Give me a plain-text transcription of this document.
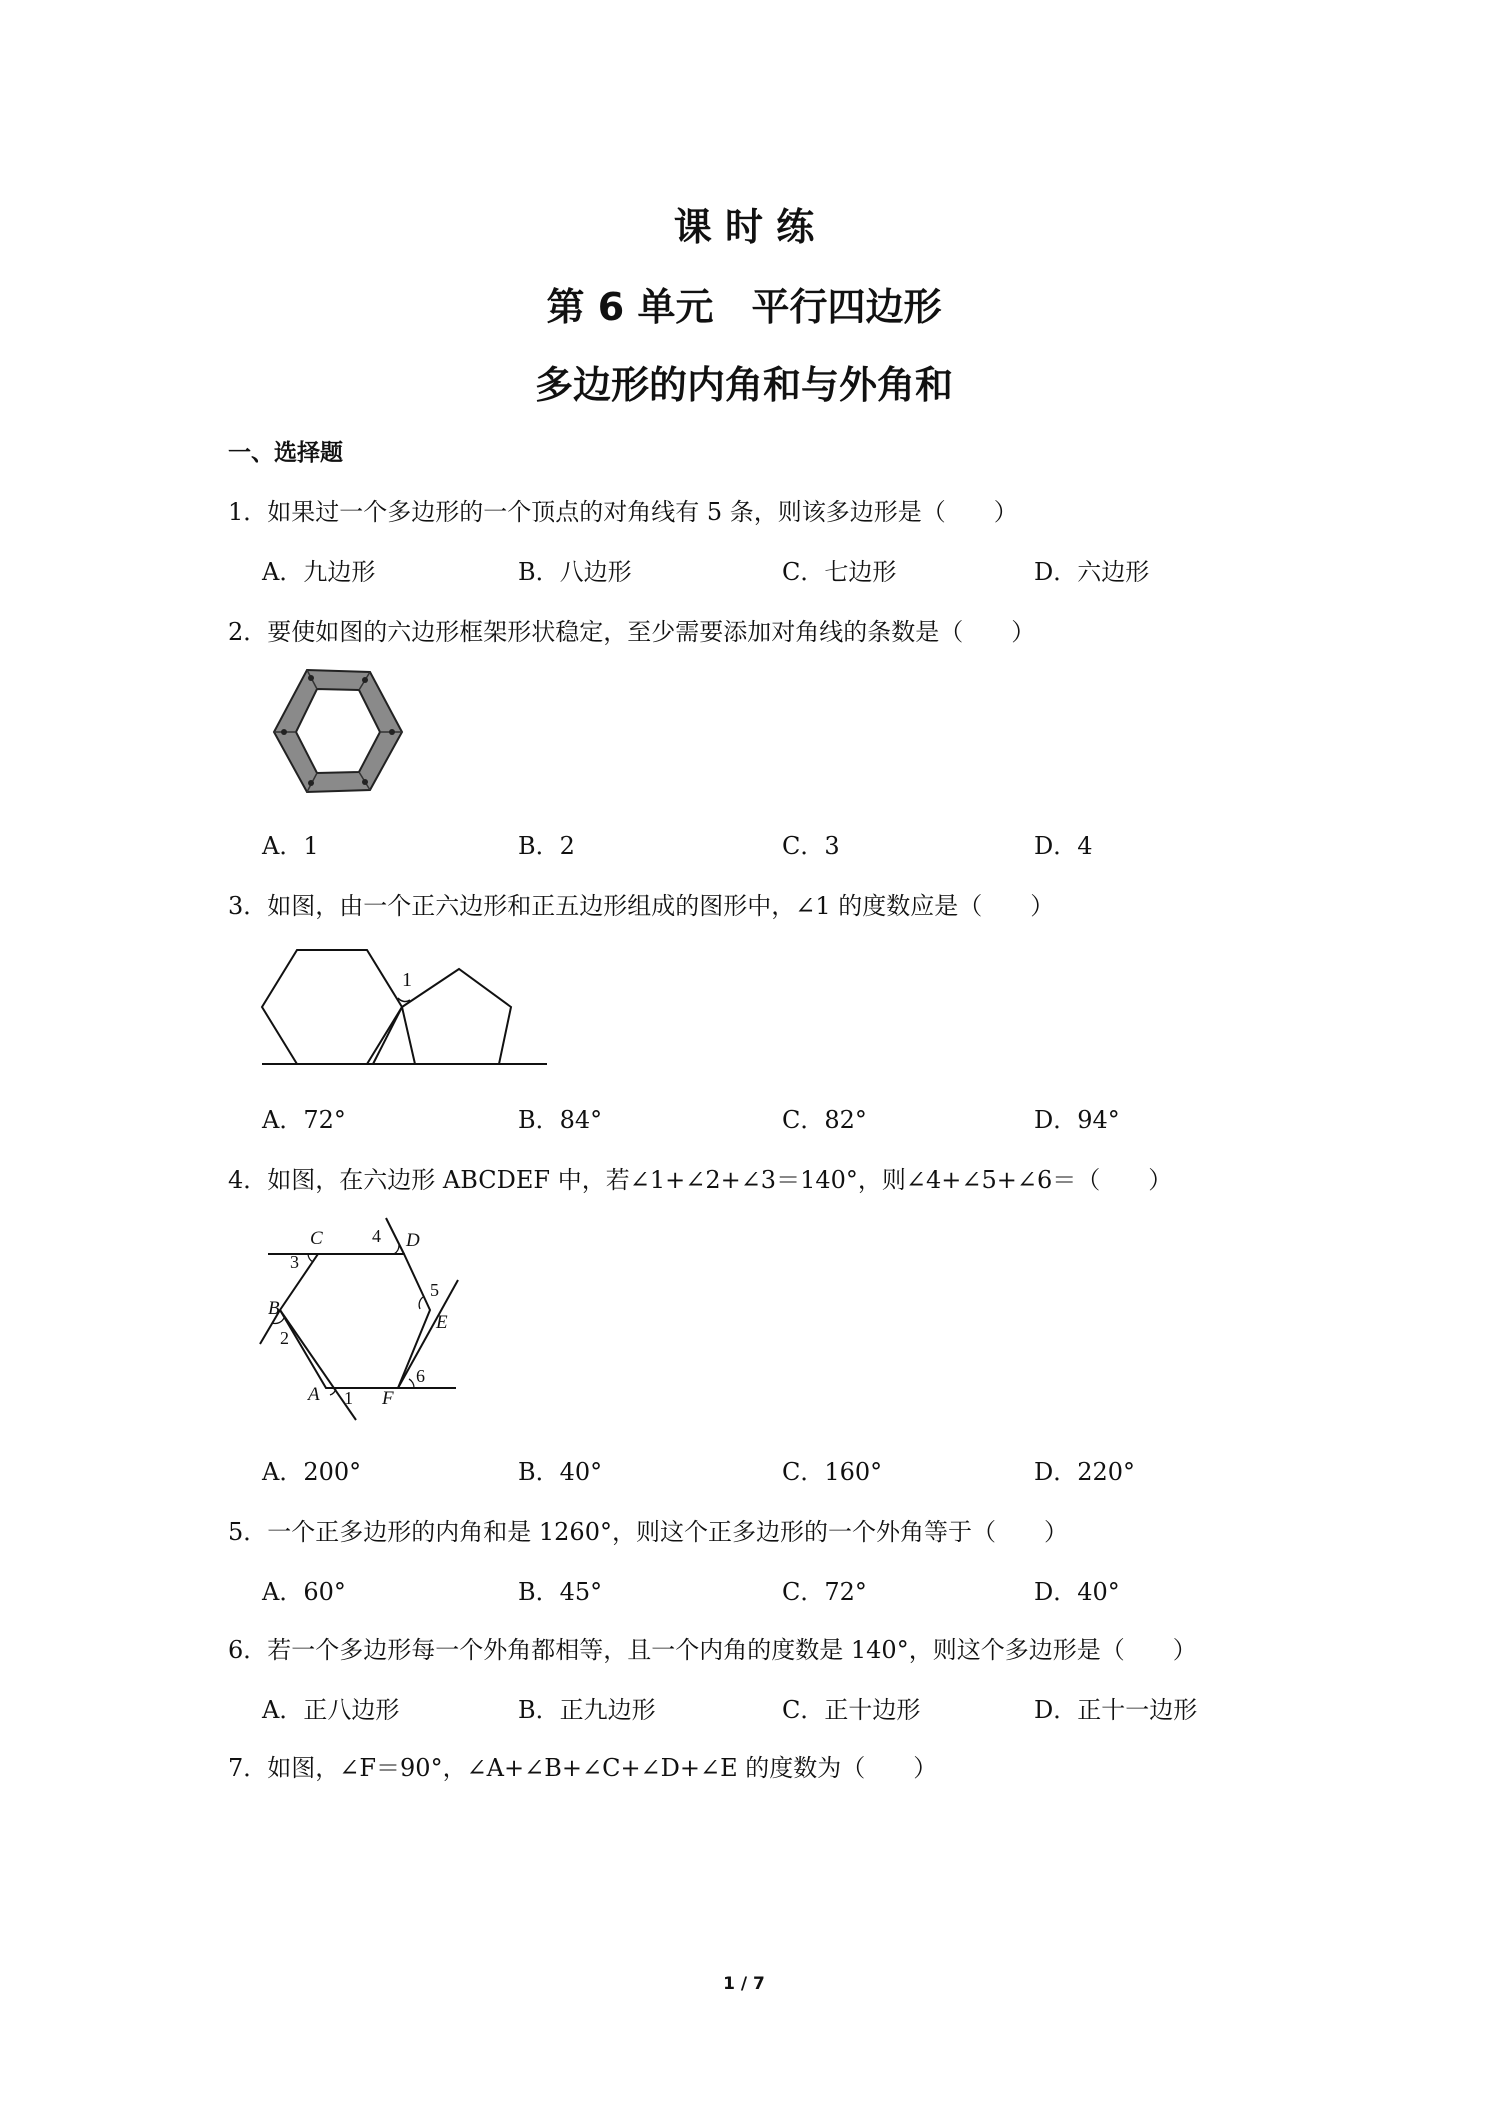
课 时 练
第 6 单元　平行四边形
多边形的内角和与外角和
一、选择题
1．如果过一个多边形的一个顶点的对角线有 5 条，则该多边形是（　　）
A．九边形	B．八边形	C．七边形	D．六边形
2．要使如图的六边形框架形状稳定，至少需要添加对角线的条数是（　　）
A．1	B．2	C．3	D．4
3．如图，由一个正六边形和正五边形组成的图形中，∠1 的度数应是（　　）
1
A．72°	B．84°	C．82°	D．94°
4．如图，在六边形 ABCDEF 中，若∠1+∠2+∠3＝140°，则∠4+∠5+∠6＝（　　）
C	D
B
E
A	F
1
2
3
4
5
6
A．200°	B．40°	C．160°	D．220°
5．一个正多边形的内角和是 1260°，则这个正多边形的一个外角等于（　　）
A．60°	B．45°	C．72°	D．40°
6．若一个多边形每一个外角都相等，且一个内角的度数是 140°，则这个多边形是（　　）
A．正八边形	B．正九边形	C．正十边形	D．正十一边形
7．如图，∠F＝90°，∠A+∠B+∠C+∠D+∠E 的度数为（　　）
1 / 7
